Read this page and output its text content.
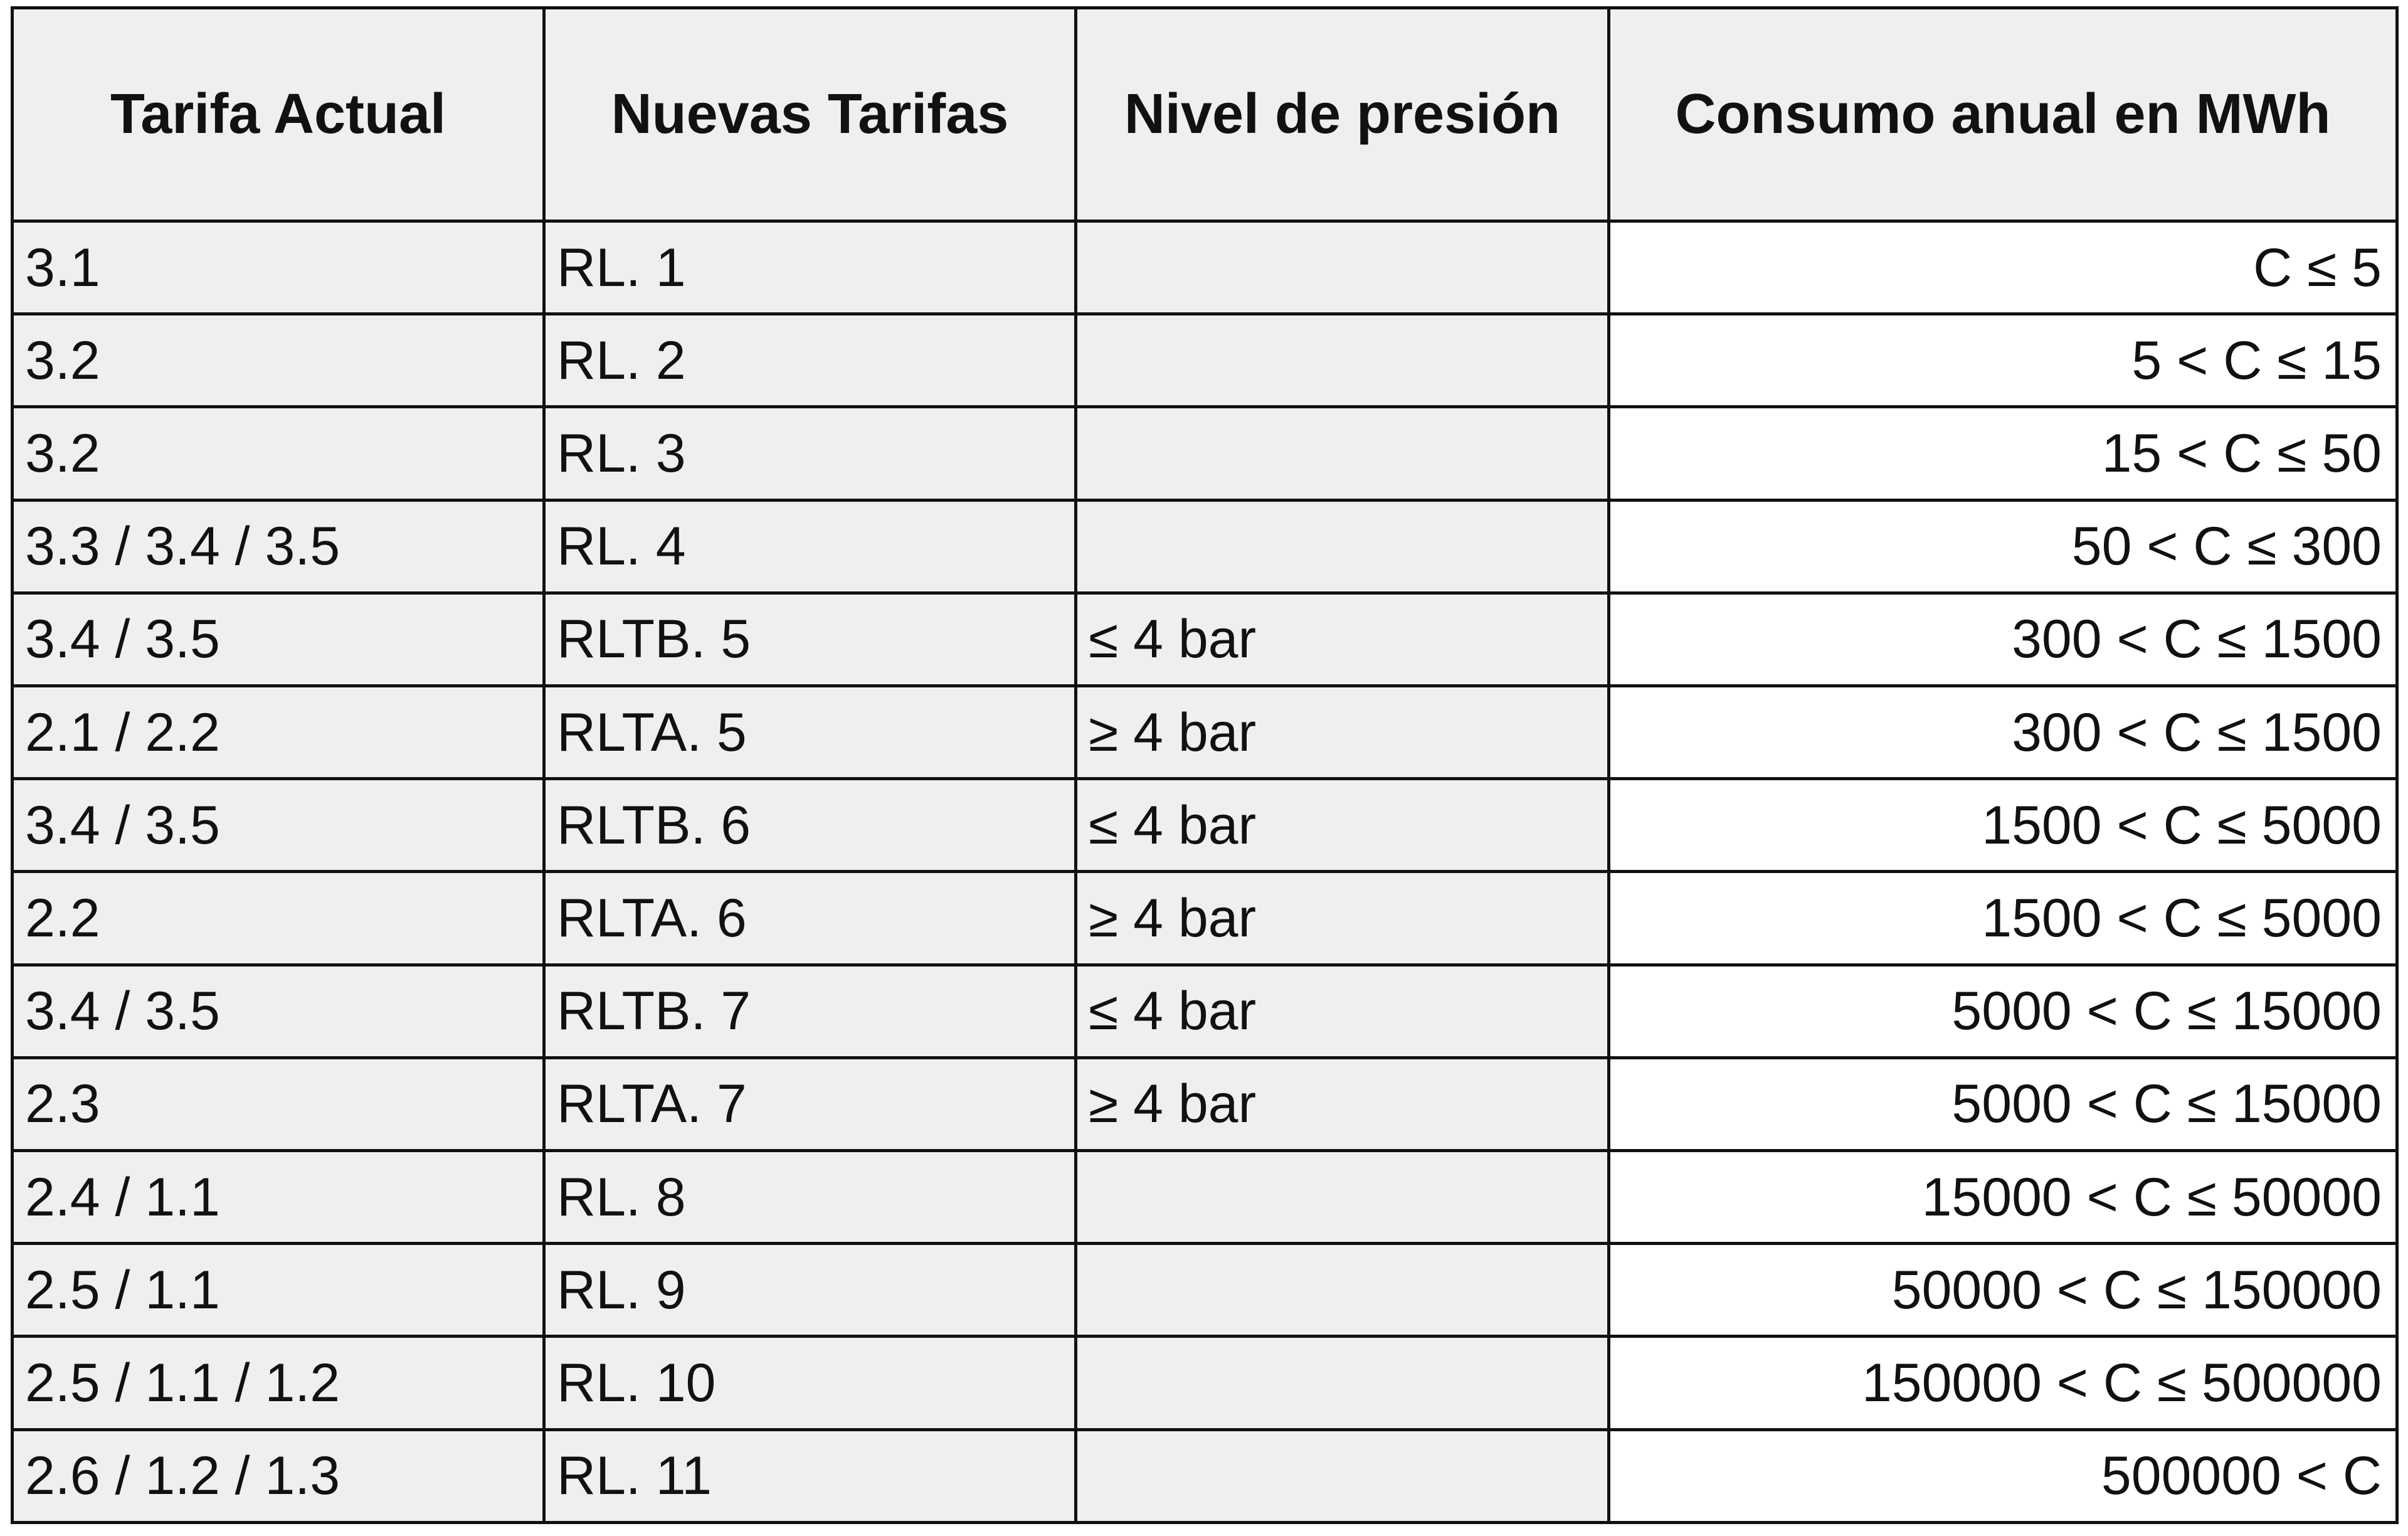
Tarifa Actual	Nuevas Tarifas	Nivel de presión	Consumo anual en MWh
3.1	RL. 1		C ≤ 5
3.2	RL. 2		5 < C ≤ 15
3.2	RL. 3		15 < C ≤ 50
3.3 / 3.4 / 3.5	RL. 4		50 < C ≤ 300
3.4 / 3.5	RLTB. 5	≤ 4 bar	300 < C ≤ 1500
2.1 / 2.2	RLTA. 5	≥ 4 bar	300 < C ≤ 1500
3.4 / 3.5	RLTB. 6	≤ 4 bar	1500 < C ≤ 5000
2.2	RLTA. 6	≥ 4 bar	1500 < C ≤ 5000
3.4 / 3.5	RLTB. 7	≤ 4 bar	5000 < C ≤ 15000
2.3	RLTA. 7	≥ 4 bar	5000 < C ≤ 15000
2.4 / 1.1	RL. 8		15000 < C ≤ 50000
2.5 / 1.1	RL. 9		50000 < C ≤ 150000
2.5 / 1.1 / 1.2	RL. 10		150000 < C ≤ 500000
2.6 / 1.2 / 1.3	RL. 11		500000 < C
